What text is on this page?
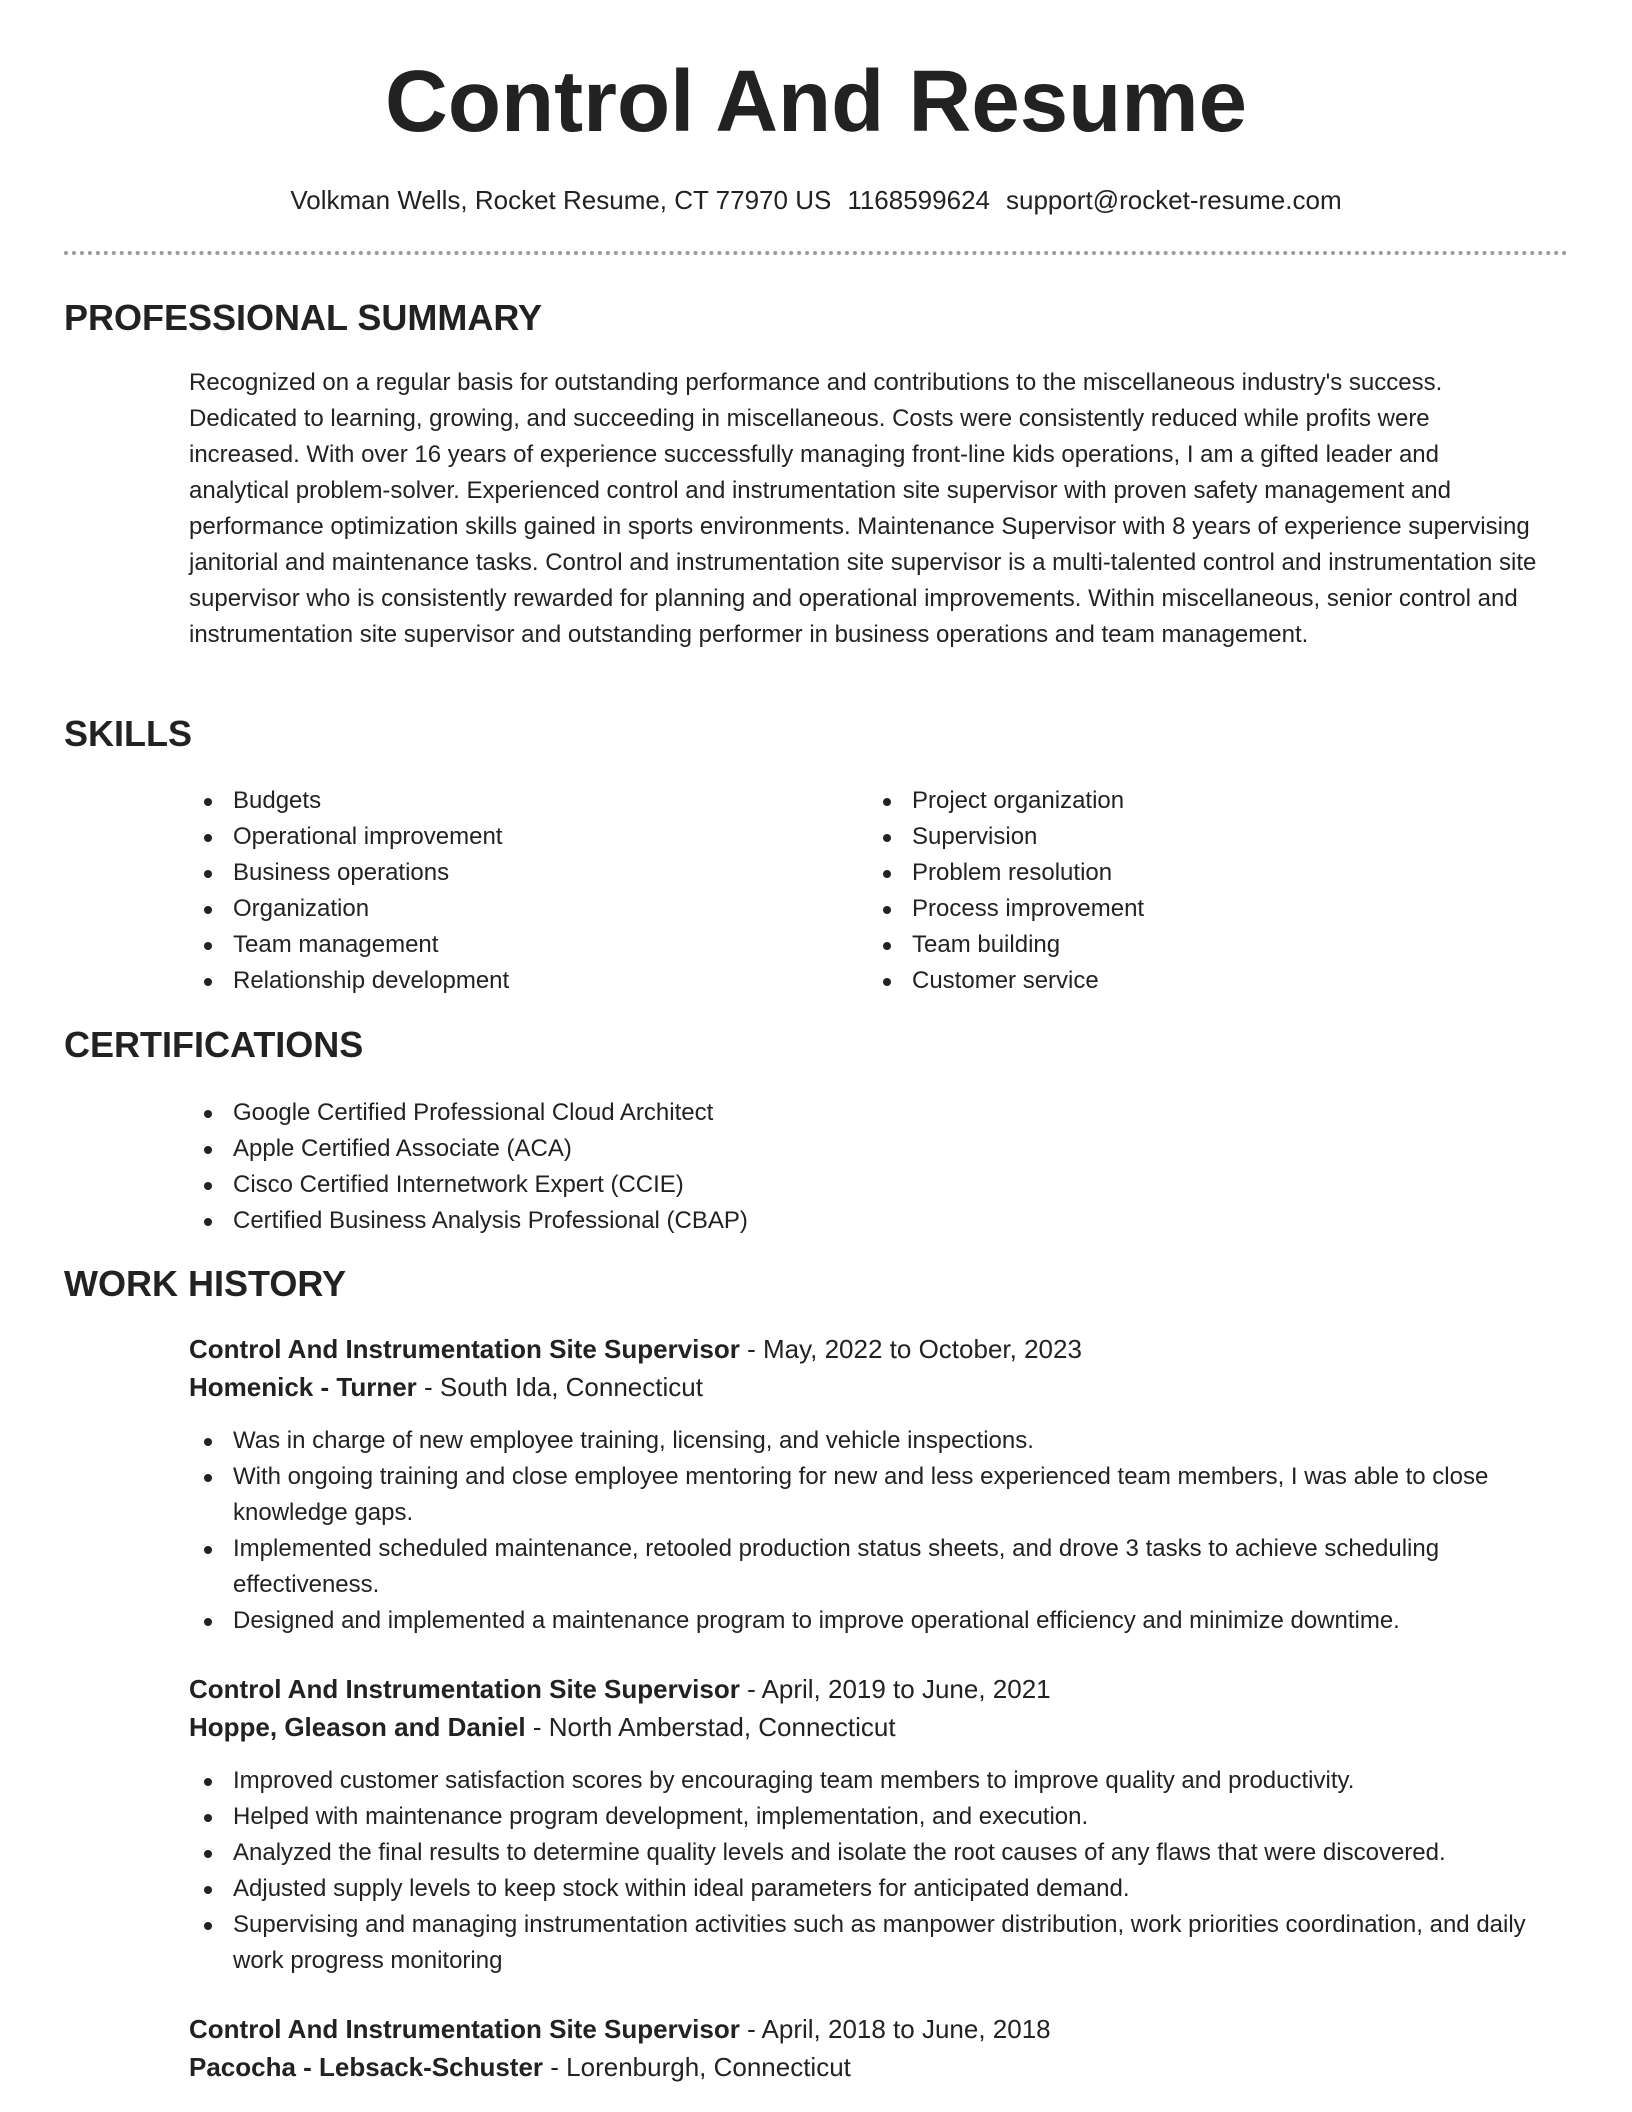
Control And Resume
Volkman Wells, Rocket Resume, CT 77970 US 1168599624 support@rocket-resume.com
PROFESSIONAL SUMMARY

Recognized on a regular basis for outstanding performance and contributions to the miscellaneous industry's success. Dedicated to learning, growing, and succeeding in miscellaneous. Costs were consistently reduced while profits were increased. With over 16 years of experience successfully managing front-line kids operations, I am a gifted leader and analytical problem-solver. Experienced control and instrumentation site supervisor with proven safety management and performance optimization skills gained in sports environments. Maintenance Supervisor with 8 years of experience supervising janitorial and maintenance tasks. Control and instrumentation site supervisor is a multi-talented control and instrumentation site supervisor who is consistently rewarded for planning and operational improvements. Within miscellaneous, senior control and instrumentation site supervisor and outstanding performer in business operations and team management.

SKILLS
Budgets
Operational improvement
Business operations
Organization
Team management
Relationship development
Project organization
Supervision
Problem resolution
Process improvement
Team building
Customer service
CERTIFICATIONS
Google Certified Professional Cloud Architect
Apple Certified Associate (ACA)
Cisco Certified Internetwork Expert (CCIE)
Certified Business Analysis Professional (CBAP)
WORK HISTORY
Control And Instrumentation Site Supervisor - May, 2022 to October, 2023
Homenick - Turner - South Ida, Connecticut
Was in charge of new employee training, licensing, and vehicle inspections.
With ongoing training and close employee mentoring for new and less experienced team members, I was able to close knowledge gaps.
Implemented scheduled maintenance, retooled production status sheets, and drove 3 tasks to achieve scheduling effectiveness.
Designed and implemented a maintenance program to improve operational efficiency and minimize downtime.
Control And Instrumentation Site Supervisor - April, 2019 to June, 2021
Hoppe, Gleason and Daniel - North Amberstad, Connecticut
Improved customer satisfaction scores by encouraging team members to improve quality and productivity.
Helped with maintenance program development, implementation, and execution.
Analyzed the final results to determine quality levels and isolate the root causes of any flaws that were discovered.
Adjusted supply levels to keep stock within ideal parameters for anticipated demand.
Supervising and managing instrumentation activities such as manpower distribution, work priorities coordination, and daily work progress monitoring
Control And Instrumentation Site Supervisor - April, 2018 to June, 2018
Pacocha - Lebsack-Schuster - Lorenburgh, Connecticut
